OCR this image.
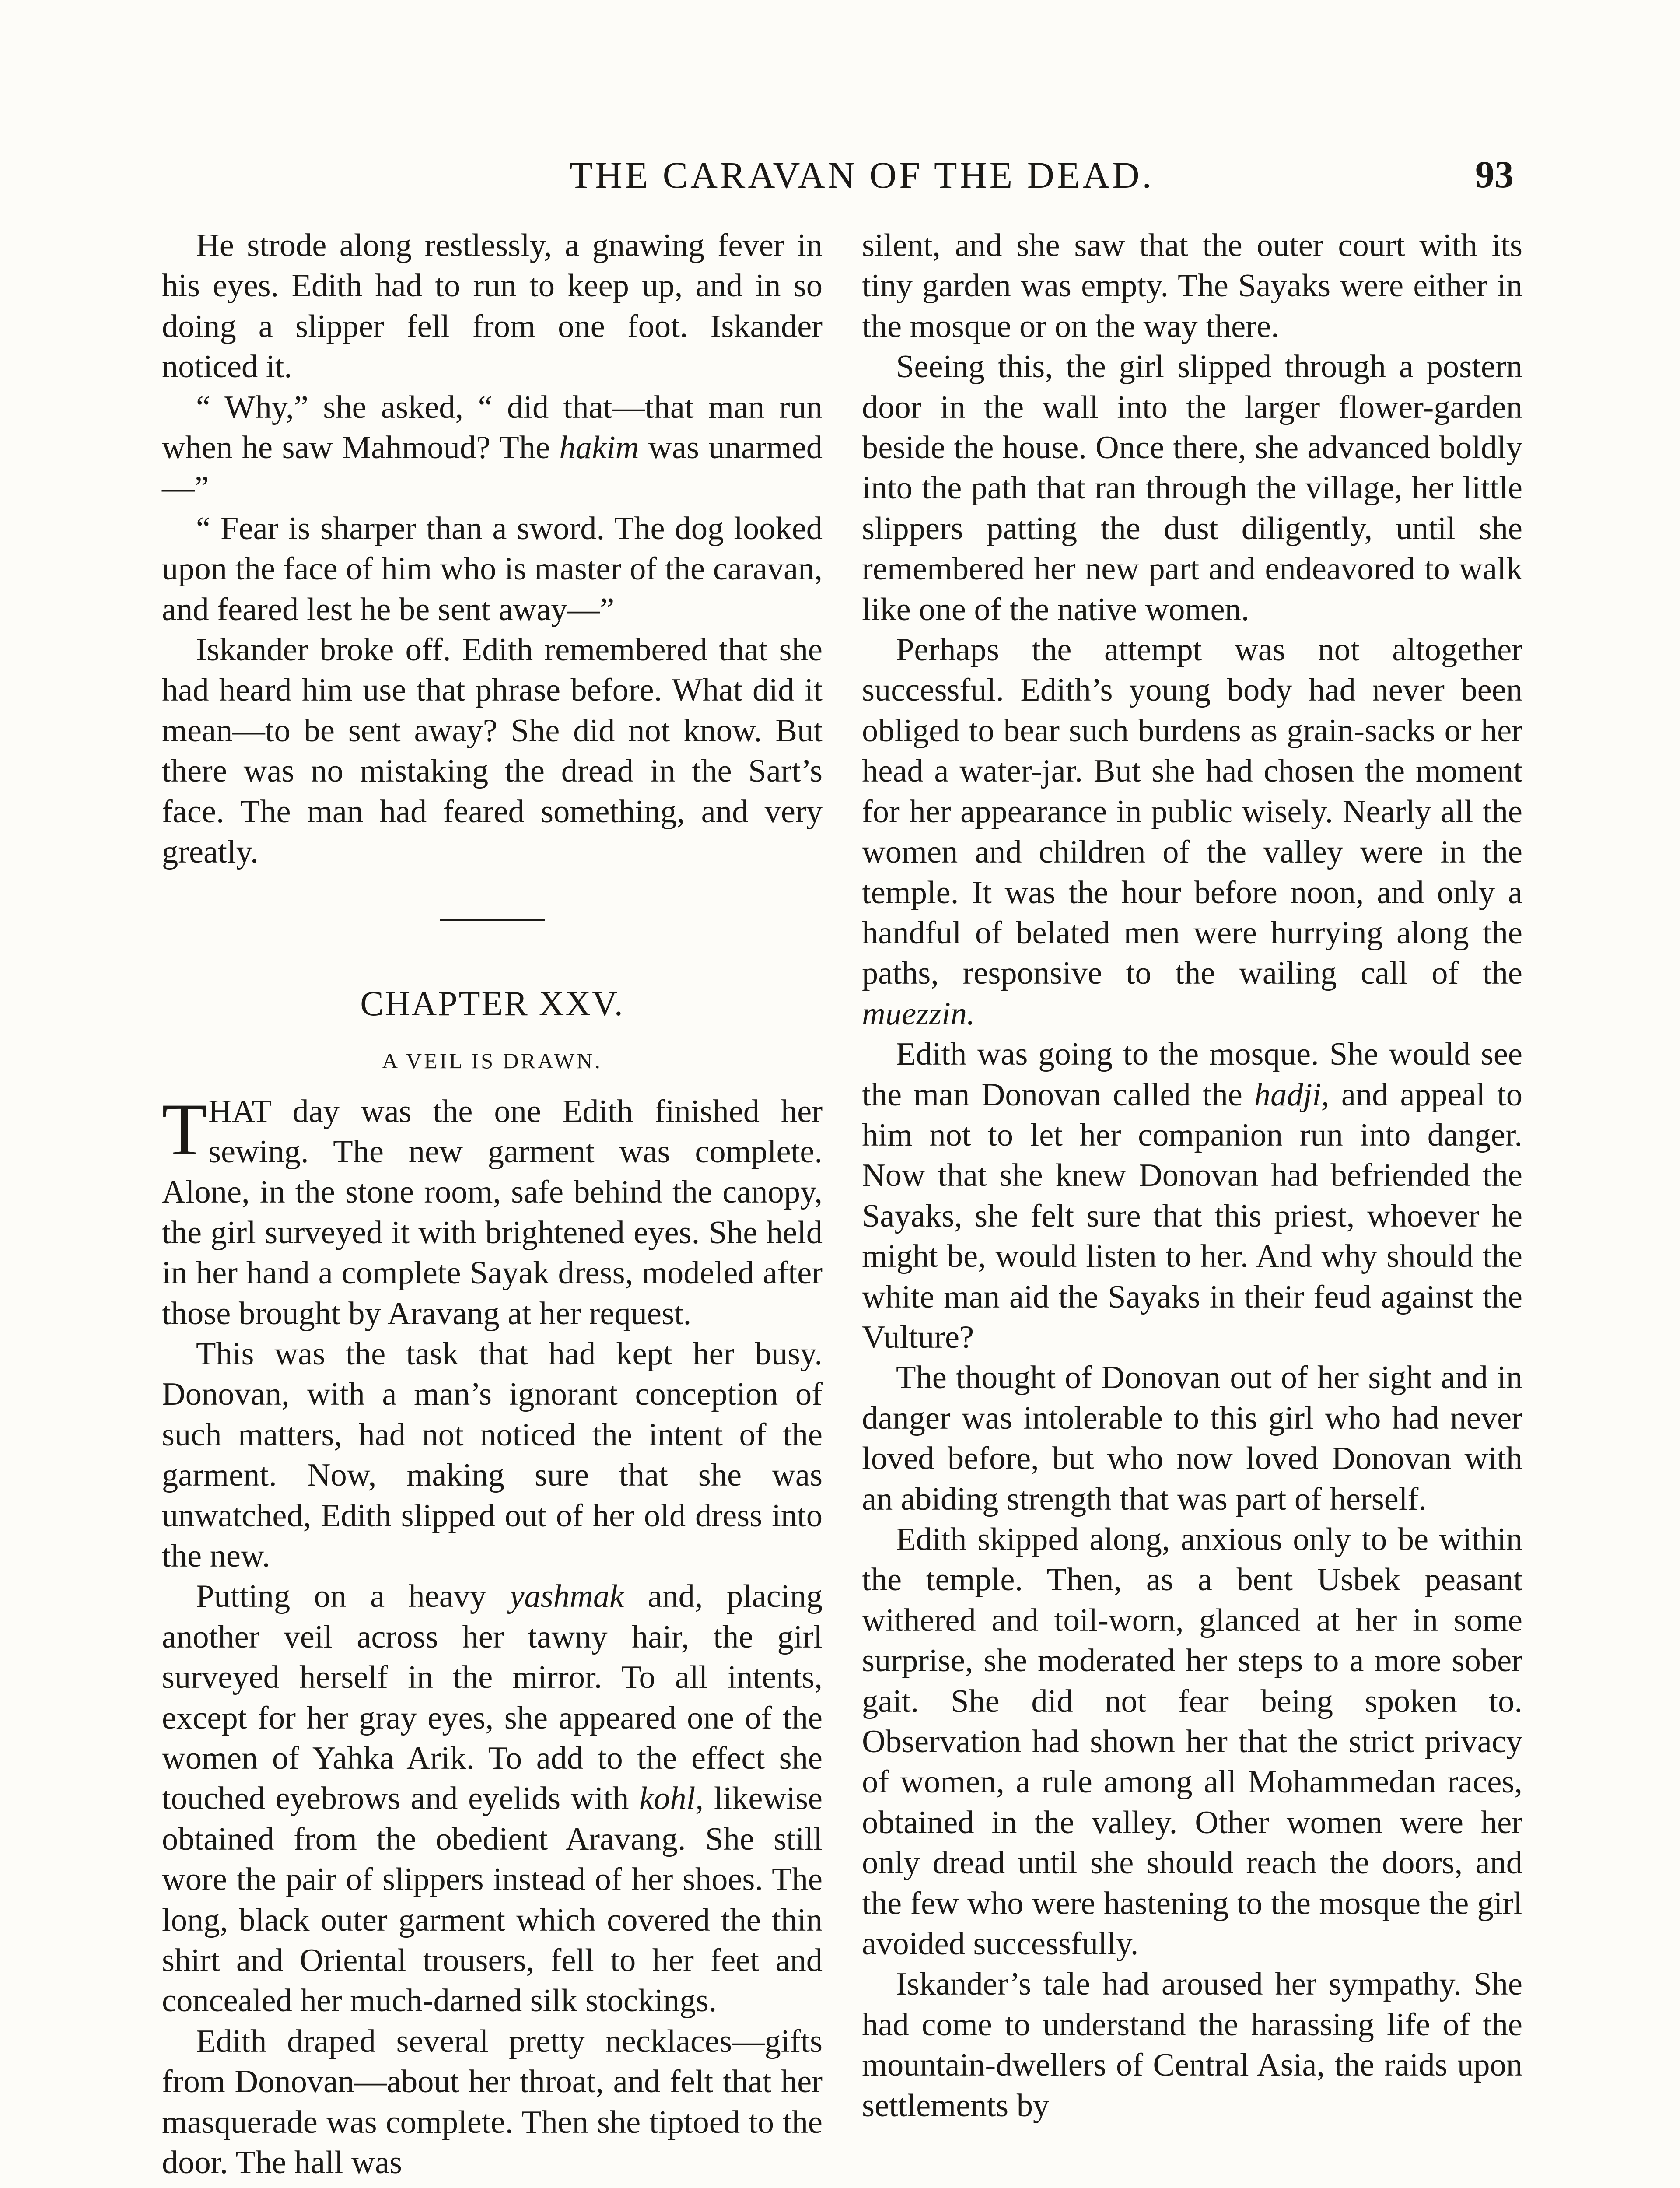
THE CARAVAN OF THE DEAD.	93

He strode along restlessly, a gnawing fever in his eyes. Edith had to run to keep up, and in so doing a slipper fell from one foot. Iskander noticed it.

“ Why,” she asked, “ did that—that man run when he saw Mahmoud? The hakim was unarmed—”

“ Fear is sharper than a sword. The dog looked upon the face of him who is master of the caravan, and feared lest he be sent away—”

Iskander broke off. Edith remembered that she had heard him use that phrase before. What did it mean—to be sent away? She did not know. But there was no mistaking the dread in the Sart’s face. The man had feared something, and very greatly.

CHAPTER XXV.
A VEIL IS DRAWN.

THAT day was the one Edith finished her sewing. The new garment was complete. Alone, in the stone room, safe behind the canopy, the girl surveyed it with brightened eyes. She held in her hand a complete Sayak dress, modeled after those brought by Aravang at her request.

This was the task that had kept her busy. Donovan, with a man’s ignorant conception of such matters, had not noticed the intent of the garment. Now, making sure that she was unwatched, Edith slipped out of her old dress into the new.

Putting on a heavy yashmak and, placing another veil across her tawny hair, the girl surveyed herself in the mirror. To all intents, except for her gray eyes, she appeared one of the women of Yahka Arik. To add to the effect she touched eyebrows and eyelids with kohl, likewise obtained from the obedient Aravang. She still wore the pair of slippers instead of her shoes. The long, black outer garment which covered the thin shirt and Oriental trousers, fell to her feet and concealed her much-darned silk stockings.

Edith draped several pretty necklaces—gifts from Donovan—about her throat, and felt that her masquerade was complete. Then she tiptoed to the door. The hall was

silent, and she saw that the outer court with its tiny garden was empty. The Sayaks were either in the mosque or on the way there.

Seeing this, the girl slipped through a postern door in the wall into the larger flower-garden beside the house. Once there, she advanced boldly into the path that ran through the village, her little slippers patting the dust diligently, until she remembered her new part and endeavored to walk like one of the native women.

Perhaps the attempt was not altogether successful. Edith’s young body had never been obliged to bear such burdens as grain-sacks or her head a water-jar. But she had chosen the moment for her appearance in public wisely. Nearly all the women and children of the valley were in the temple. It was the hour before noon, and only a handful of belated men were hurrying along the paths, responsive to the wailing call of the muezzin.

Edith was going to the mosque. She would see the man Donovan called the hadji, and appeal to him not to let her companion run into danger. Now that she knew Donovan had befriended the Sayaks, she felt sure that this priest, whoever he might be, would listen to her. And why should the white man aid the Sayaks in their feud against the Vulture?

The thought of Donovan out of her sight and in danger was intolerable to this girl who had never loved before, but who now loved Donovan with an abiding strength that was part of herself.

Edith skipped along, anxious only to be within the temple. Then, as a bent Usbek peasant withered and toil-worn, glanced at her in some surprise, she moderated her steps to a more sober gait. She did not fear being spoken to. Observation had shown her that the strict privacy of women, a rule among all Mohammedan races, obtained in the valley. Other women were her only dread until she should reach the doors, and the few who were hastening to the mosque the girl avoided successfully.

Iskander’s tale had aroused her sympathy. She had come to understand the harassing life of the mountain-dwellers of Central Asia, the raids upon settlements by
